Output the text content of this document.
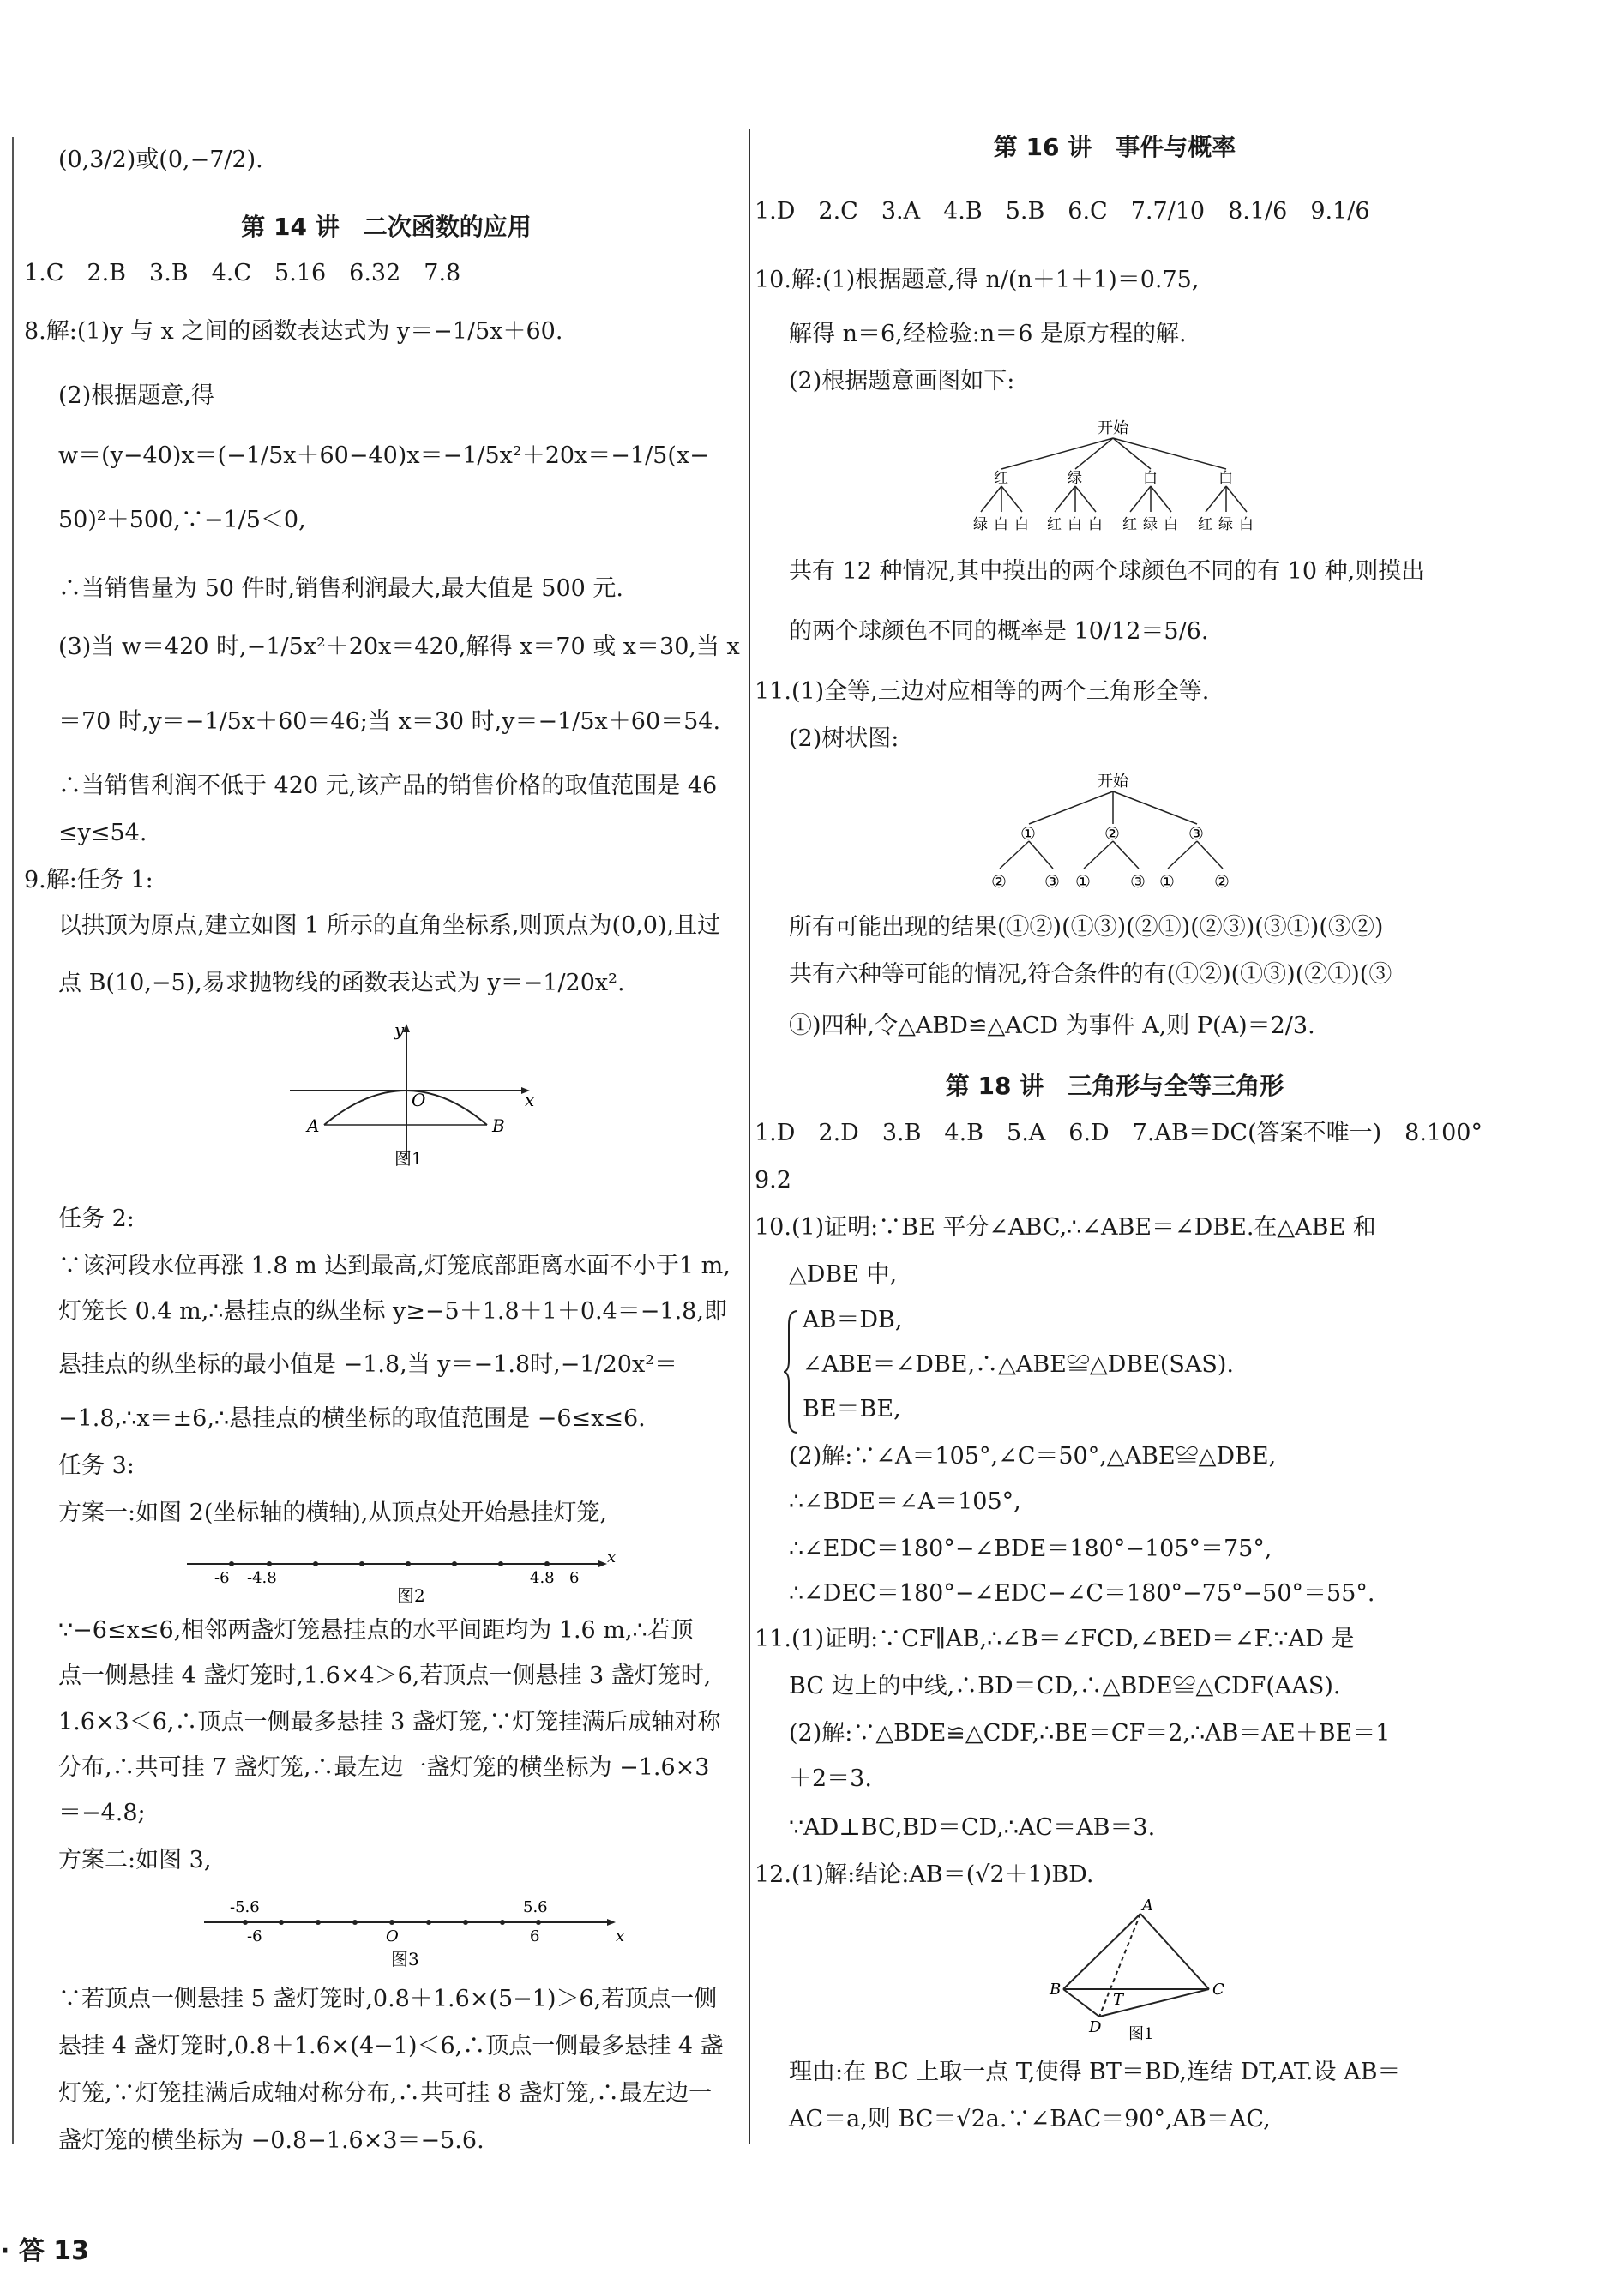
(0,3/2)或(0,−7/2).
第 14 讲　二次函数的应用
1.C　2.B　3.B　4.C　5.16　6.32　7.8
8.解:(1)y 与 x 之间的函数表达式为 y＝−1/5x＋60.
(2)根据题意,得
w＝(y−40)x＝(−1/5x＋60−40)x＝−1/5x²＋20x＝−1/5(x−
50)²＋500,∵−1/5＜0,
∴当销售量为 50 件时,销售利润最大,最大值是 500 元.
(3)当 w＝420 时,−1/5x²＋20x＝420,解得 x＝70 或 x＝30,当 x
＝70 时,y＝−1/5x＋60＝46;当 x＝30 时,y＝−1/5x＋60＝54.
∴当销售利润不低于 420 元,该产品的销售价格的取值范围是 46
≤y≤54.
9.解:任务 1:
以拱顶为原点,建立如图 1 所示的直角坐标系,则顶点为(0,0),且过
点 B(10,−5),易求抛物线的函数表达式为 y＝−1/20x².
y
x
O
A	B
图1
任务 2:
∵该河段水位再涨 1.8 m 达到最高,灯笼底部距离水面不小于1 m,
灯笼长 0.4 m,∴悬挂点的纵坐标 y≥−5＋1.8＋1＋0.4＝−1.8,即
悬挂点的纵坐标的最小值是 −1.8,当 y＝−1.8时,−1/20x²＝
−1.8,∴x＝±6,∴悬挂点的横坐标的取值范围是 −6≤x≤6.
任务 3:
方案一:如图 2(坐标轴的横轴),从顶点处开始悬挂灯笼,
-6 -4.8	4.8 6
x
图2
∵−6≤x≤6,相邻两盏灯笼悬挂点的水平间距均为 1.6 m,∴若顶
点一侧悬挂 4 盏灯笼时,1.6×4＞6,若顶点一侧悬挂 3 盏灯笼时,
1.6×3＜6,∴顶点一侧最多悬挂 3 盏灯笼,∵灯笼挂满后成轴对称
分布,∴共可挂 7 盏灯笼,∴最左边一盏灯笼的横坐标为 −1.6×3
＝−4.8;
方案二:如图 3,
-5.6	5.6
-6	O	6	x
图3
∵若顶点一侧悬挂 5 盏灯笼时,0.8＋1.6×(5−1)＞6,若顶点一侧
悬挂 4 盏灯笼时,0.8＋1.6×(4−1)＜6,∴顶点一侧最多悬挂 4 盏
灯笼,∵灯笼挂满后成轴对称分布,∴共可挂 8 盏灯笼,∴最左边一
盏灯笼的横坐标为 −0.8−1.6×3＝−5.6.
第 16 讲　事件与概率
1.D　2.C　3.A　4.B　5.B　6.C　7.7/10　8.1/6　9.1/6
10.解:(1)根据题意,得 n/(n＋1＋1)＝0.75,
解得 n＝6,经检验:n＝6 是原方程的解.
(2)根据题意画图如下:
开始
红	绿	白	白
绿 白 白 红 白 白 红 绿 白 红 绿 白
共有 12 种情况,其中摸出的两个球颜色不同的有 10 种,则摸出
的两个球颜色不同的概率是 10/12＝5/6.
11.(1)全等,三边对应相等的两个三角形全等.
(2)树状图:
开始
①	②	③
② ③ ① ③ ① ②
所有可能出现的结果(①②)(①③)(②①)(②③)(③①)(③②)
共有六种等可能的情况,符合条件的有(①②)(①③)(②①)(③
①)四种,令△ABD≌△ACD 为事件 A,则 P(A)＝2/3.
第 18 讲　三角形与全等三角形
1.D　2.D　3.B　4.B　5.A　6.D　7.AB＝DC(答案不唯一)　8.100°
9.2
10.(1)证明:∵BE 平分∠ABC,∴∠ABE＝∠DBE.在△ABE 和
△DBE 中,
AB＝DB,
∠ABE＝∠DBE,∴△ABE≌△DBE(SAS).
BE＝BE,
(2)解:∵∠A＝105°,∠C＝50°,△ABE≌△DBE,
∴∠BDE＝∠A＝105°,
∴∠EDC＝180°−∠BDE＝180°−105°＝75°,
∴∠DEC＝180°−∠EDC−∠C＝180°−75°−50°＝55°.
11.(1)证明:∵CF∥AB,∴∠B＝∠FCD,∠BED＝∠F.∵AD 是
BC 边上的中线,∴BD＝CD,∴△BDE≌△CDF(AAS).
(2)解:∵△BDE≌△CDF,∴BE＝CF＝2,∴AB＝AE＋BE＝1
＋2＝3.
∵AD⊥BC,BD＝CD,∴AC＝AB＝3.
12.(1)解:结论:AB＝(√2＋1)BD.
A
B	C
D
T
图1
理由:在 BC 上取一点 T,使得 BT＝BD,连结 DT,AT.设 AB＝
AC＝a,则 BC＝√2a.∵∠BAC＝90°,AB＝AC,
· 答 13
